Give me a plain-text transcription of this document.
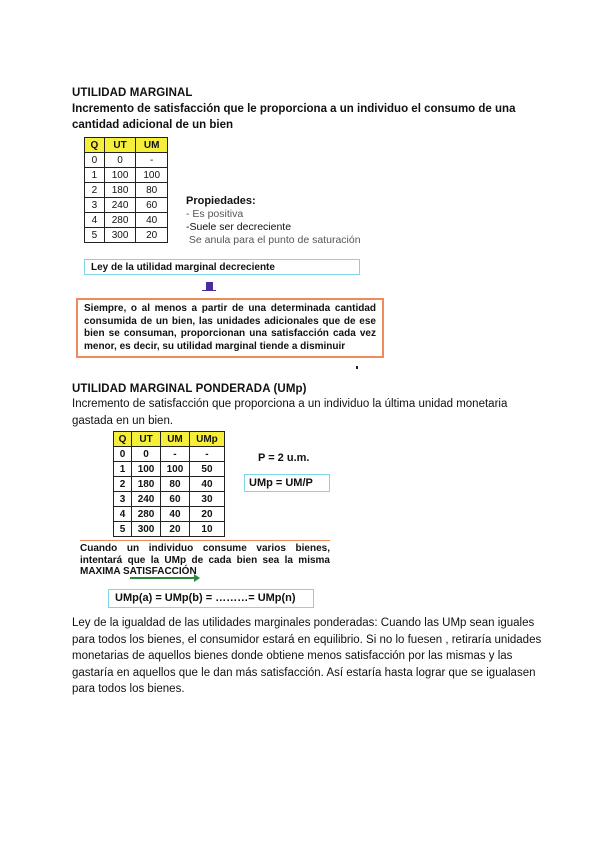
UTILIDAD MARGINAL
Incremento de satisfacción que le proporciona a un individuo el consumo de una
cantidad adicional de un bien
Q	UT	UM
0	0	-
1	100	100
2	180	80
3	240	60
4	280	40
5	300	20
Propiedades:
- Es positiva
-Suele ser decreciente
Se anula para el punto de saturación
Ley de la utilidad marginal decreciente
Siempre, o al menos a partir de una determinada cantidad consumida de un bien, las unidades adicionales que de ese bien se consuman, proporcionan una satisfacción cada vez menor, es decir, su utilidad marginal tiende a disminuir
UTILIDAD MARGINAL PONDERADA (UMp)
Incremento de satisfacción que proporciona a un individuo la última unidad monetaria
gastada en un bien.
Q	UT	UM	UMp
0	0	-	-
1	100	100	50
2	180	80	40
3	240	60	30
4	280	40	20
5	300	20	10
P = 2 u.m.
UMp = UM/P
Cuando un individuo consume varios bienes,
intentará que la UMp de cada bien sea la misma
MAXIMA SATISFACCIÓN
UMp(a) = UMp(b) = ………= UMp(n)
Ley de la igualdad de las utilidades marginales ponderadas: Cuando las UMp sean iguales
para todos los bienes, el consumidor estará en equilibrio. Si no lo fuesen , retiraría unidades
monetarias de aquellos bienes donde obtiene menos satisfacción por las mismas y las
gastaría en aquellos que le dan más satisfacción. Así estaría hasta lograr que se igualasen
para todos los bienes.
